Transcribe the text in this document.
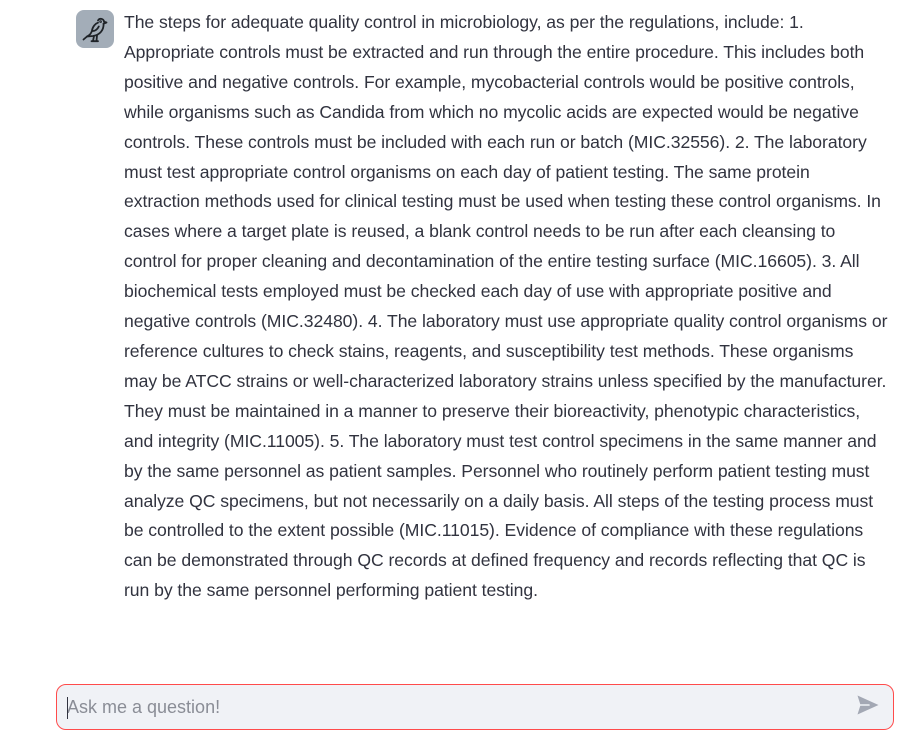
The steps for adequate quality control in microbiology, as per the regulations, include: 1. Appropriate controls must be extracted and run through the entire procedure. This includes both positive and negative controls. For example, mycobacterial controls would be positive controls, while organisms such as Candida from which no mycolic acids are expected would be negative controls. These controls must be included with each run or batch (MIC.32556). 2. The laboratory must test appropriate control organisms on each day of patient testing. The same protein extraction methods used for clinical testing must be used when testing these control organisms. In cases where a target plate is reused, a blank control needs to be run after each cleansing to control for proper cleaning and decontamination of the entire testing surface (MIC.16605). 3. All biochemical tests employed must be checked each day of use with appropriate positive and negative controls (MIC.32480). 4. The laboratory must use appropriate quality control organisms or reference cultures to check stains, reagents, and susceptibility test methods. These organisms may be ATCC strains or well-characterized laboratory strains unless specified by the manufacturer. They must be maintained in a manner to preserve their bioreactivity, phenotypic characteristics, and integrity (MIC.11005). 5. The laboratory must test control specimens in the same manner and by the same personnel as patient samples. Personnel who routinely perform patient testing must analyze QC specimens, but not necessarily on a daily basis. All steps of the testing process must be controlled to the extent possible (MIC.11015). Evidence of compliance with these regulations can be demonstrated through QC records at defined frequency and records reflecting that QC is run by the same personnel performing patient testing.

Ask me a question!
